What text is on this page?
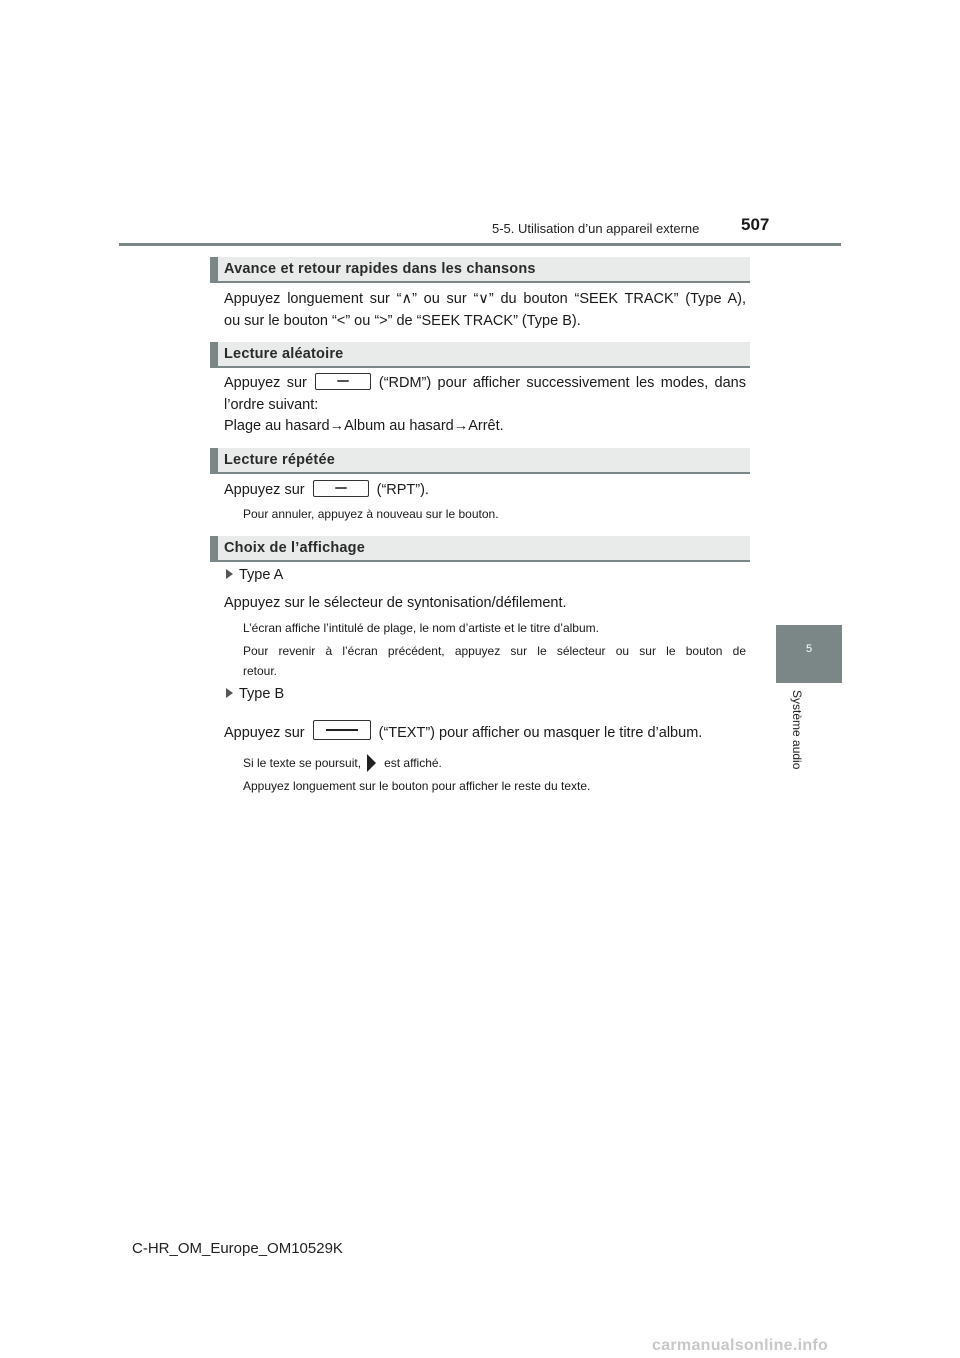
5-5. Utilisation d’un appareil externe 507
5
Système audio
Avance et retour rapides dans les chansons
Appuyez longuement sur “∧” ou sur “∨” du bouton “SEEK TRACK” (Type A),
ou sur le bouton “<” ou “>” de “SEEK TRACK” (Type B).
Lecture aléatoire
Appuyez sur	(“RDM”) pour afficher successivement les modes, dans
l’ordre suivant:
Plage au hasard→Album au hasard→Arrêt.
Lecture répétée
Appuyez sur	(“RPT”).
Pour annuler, appuyez à nouveau sur le bouton.
Choix de l’affichage
Type A
Appuyez sur le sélecteur de syntonisation/défilement.
L’écran affiche l’intitulé de plage, le nom d’artiste et le titre d’album.
Pour revenir à l’écran précédent, appuyez sur le sélecteur ou sur le bouton de
retour.
Type B
Appuyez sur	(“TEXT”) pour afficher ou masquer le titre d’album.
Si le texte se poursuit, est affiché.
Appuyez longuement sur le bouton pour afficher le reste du texte.
C-HR_OM_Europe_OM10529K
carmanualsonline.info
